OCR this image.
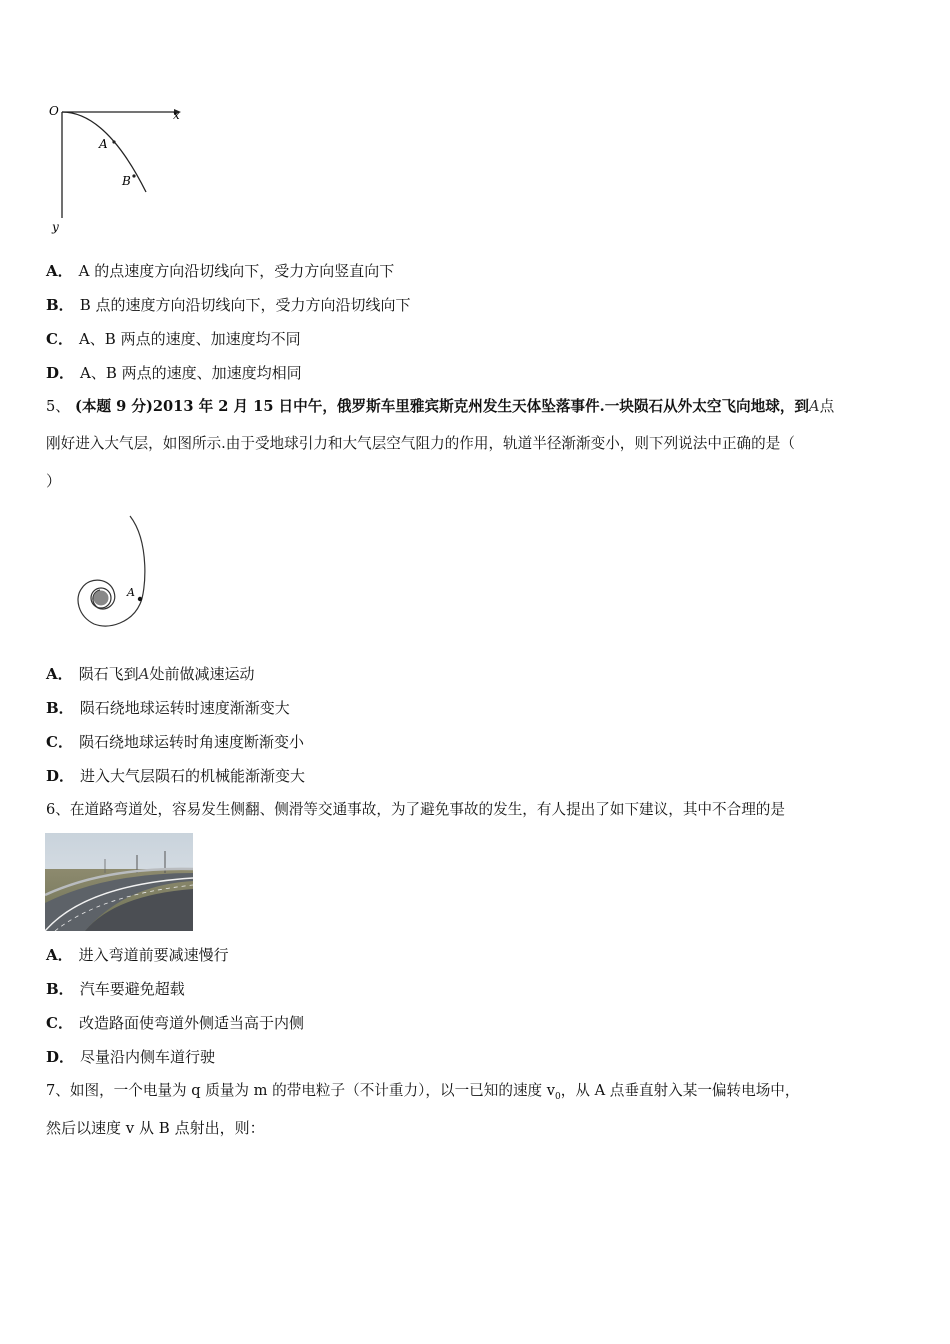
O	x
y
A
B
A． A 的点速度方向沿切线向下，受力方向竖直向下
B． B 点的速度方向沿切线向下，受力方向沿切线向下
C． A、B 两点的速度、加速度均不同
D． A、B 两点的速度、加速度均相同
5、 (本题 9 分)2013 年 2 月 15 日中午，俄罗斯车里雅宾斯克州发生天体坠落事件.一块陨石从外太空飞向地球，到A点
刚好进入大气层，如图所示.由于受地球引力和大气层空气阻力的作用，轨道半径渐渐变小，则下列说法中正确的是（
）
A
A． 陨石飞到A处前做减速运动
B． 陨石绕地球运转时速度渐渐变大
C． 陨石绕地球运转时角速度断渐变小
D． 进入大气层陨石的机械能渐渐变大
6、在道路弯道处，容易发生侧翻、侧滑等交通事故，为了避免事故的发生，有人提出了如下建议，其中不合理的是
A． 进入弯道前要减速慢行
B． 汽车要避免超载
C． 改造路面使弯道外侧适当高于内侧
D． 尽量沿内侧车道行驶
7、如图，一个电量为 q 质量为 m 的带电粒子（不计重力），以一已知的速度 $v_0$，从 A 点垂直射入某一偏转电场中，
然后以速度 v 从 B 点射出，则：
